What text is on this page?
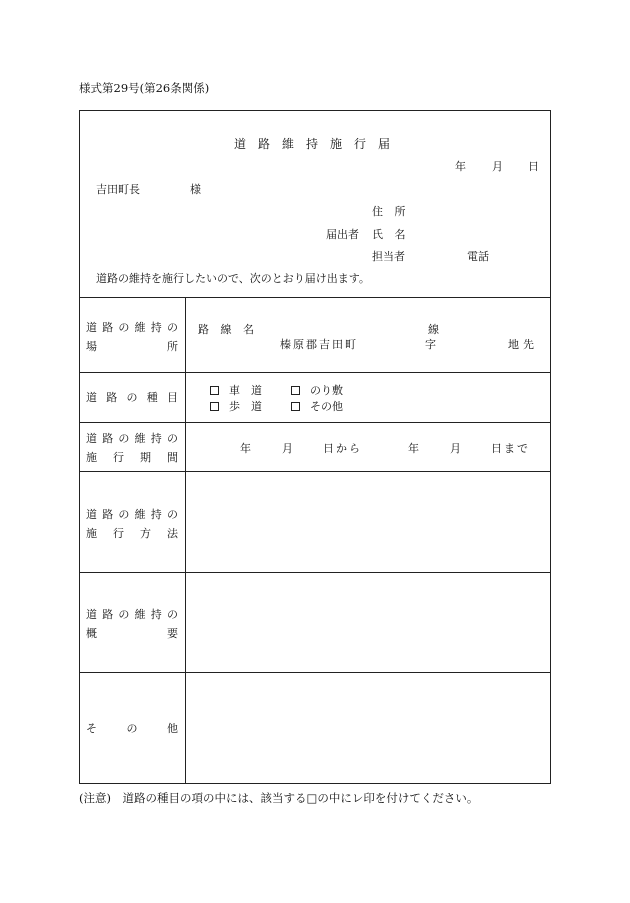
様式第29号(第26条関係)
道路維持施行届
年 月 日
吉田町長	様
住 所
届出者 氏 名
担当者	電話
道路の維持を施行したいので、次のとおり届け出ます。
道 路 の 維 持 の
場	所
路 線 名	線
榛原郡吉田町	字	地先
道 路 の 種 目
車　道	のり敷
歩　道	その他
道 路 の 維 持 の
施 行 期 間
年	月	日から	年	月	日まで
道 路 の 維 持 の
施 行 方 法
道 路 の 維 持 の
概	要
そ	の	他
(注意)　道路の種目の項の中には、該当する□の中にレ印を付けてください。
